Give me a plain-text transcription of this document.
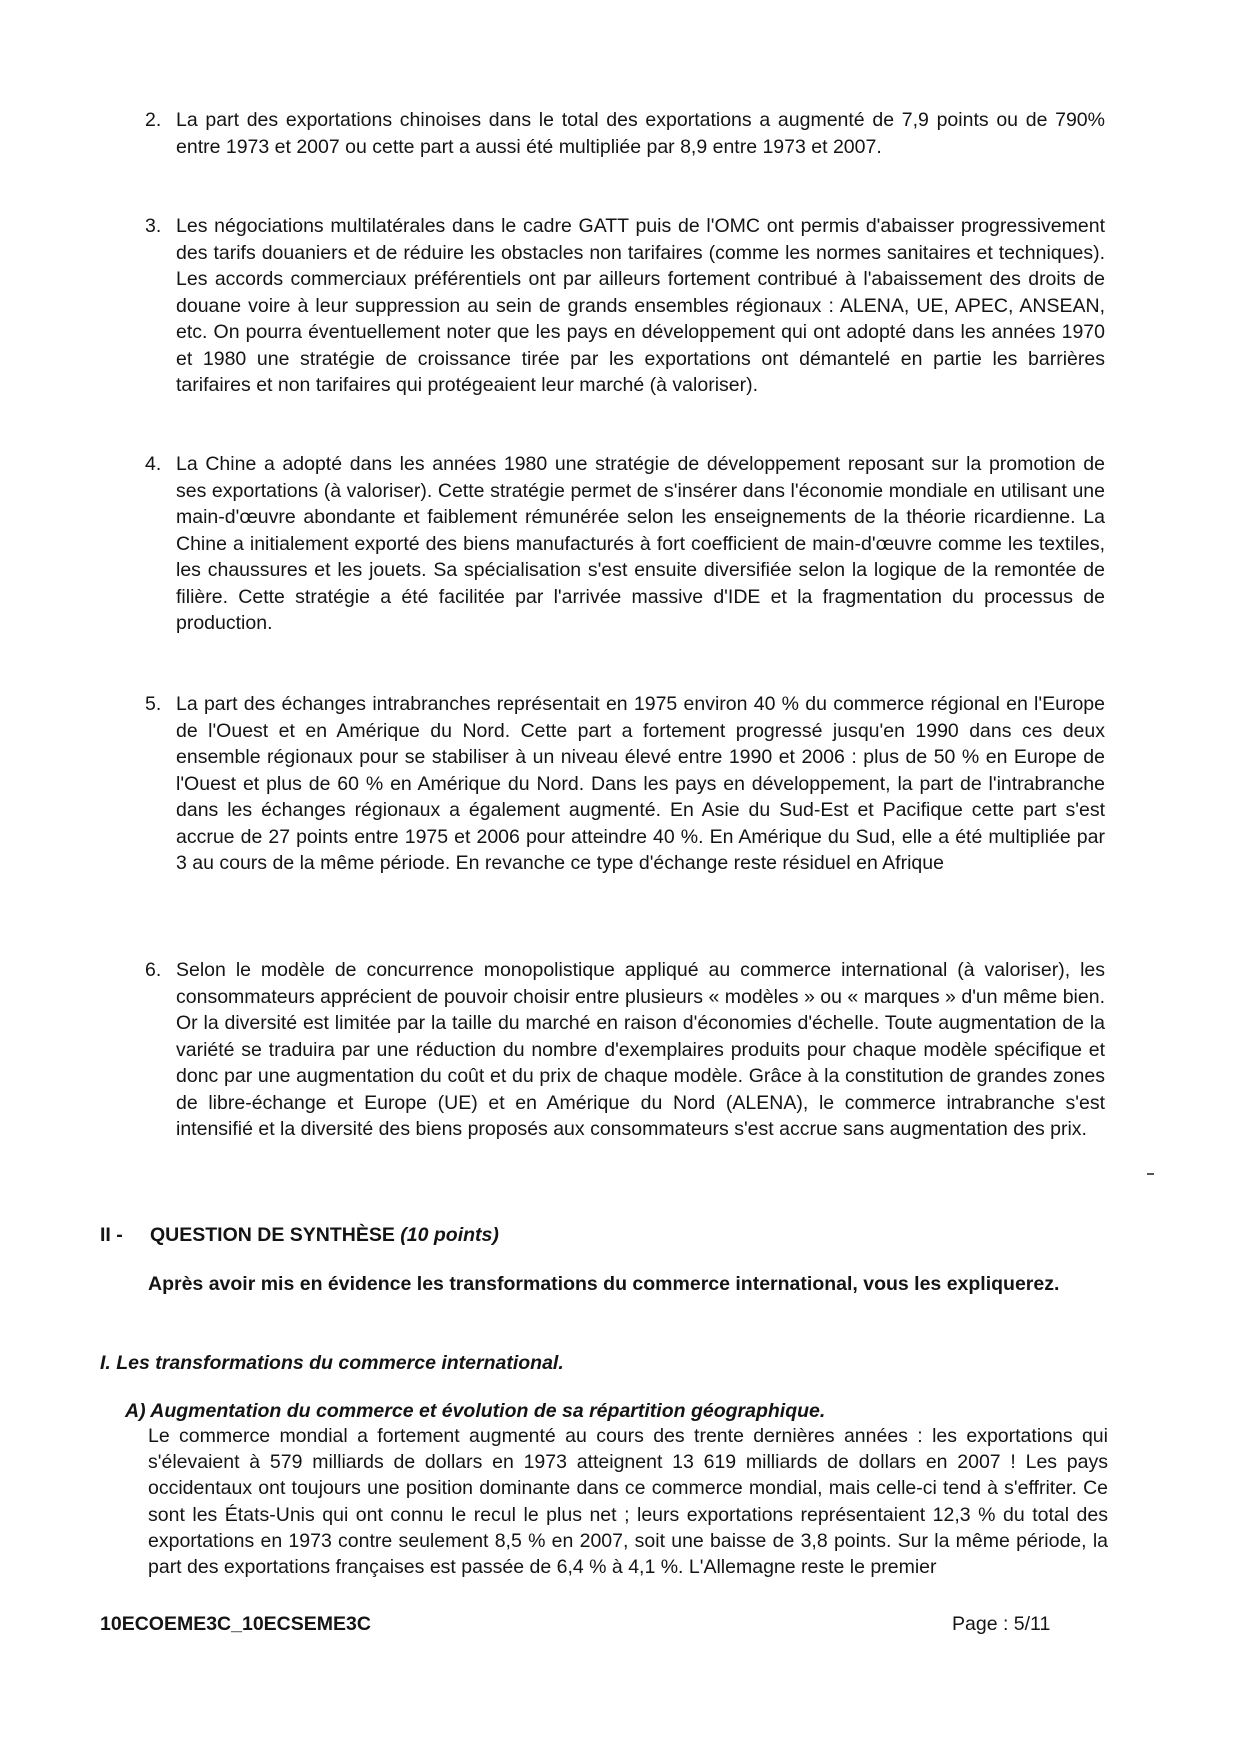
2. La part des exportations chinoises dans le total des exportations a augmenté de 7,9 points ou de 790% entre 1973 et 2007 ou cette part a aussi été multipliée par 8,9 entre 1973 et 2007.
3. Les négociations multilatérales dans le cadre GATT puis de l'OMC ont permis d'abaisser progressivement des tarifs douaniers et de réduire les obstacles non tarifaires (comme les normes sanitaires et techniques). Les accords commerciaux préférentiels ont par ailleurs fortement contribué à l'abaissement des droits de douane voire à leur suppression au sein de grands ensembles régionaux : ALENA, UE, APEC, ANSEAN, etc. On pourra éventuellement noter que les pays en développement qui ont adopté dans les années 1970 et 1980 une stratégie de croissance tirée par les exportations ont démantelé en partie les barrières tarifaires et non tarifaires qui protégeaient leur marché (à valoriser).
4. La Chine a adopté dans les années 1980 une stratégie de développement reposant sur la promotion de ses exportations (à valoriser). Cette stratégie permet de s'insérer dans l'économie mondiale en utilisant une main-d'œuvre abondante et faiblement rémunérée selon les enseignements de la théorie ricardienne. La Chine a initialement exporté des biens manufacturés à fort coefficient de main-d'œuvre comme les textiles, les chaussures et les jouets. Sa spécialisation s'est ensuite diversifiée selon la logique de la remontée de filière. Cette stratégie a été facilitée par l'arrivée massive d'IDE et la fragmentation du processus de production.
5. La part des échanges intrabranches représentait en 1975 environ 40 % du commerce régional en l'Europe de l'Ouest et en Amérique du Nord. Cette part a fortement progressé jusqu'en 1990 dans ces deux ensemble régionaux pour se stabiliser à un niveau élevé entre 1990 et 2006 : plus de 50 % en Europe de l'Ouest et plus de 60 % en Amérique du Nord. Dans les pays en développement, la part de l'intrabranche dans les échanges régionaux a également augmenté. En Asie du Sud-Est et Pacifique cette part s'est accrue de 27 points entre 1975 et 2006 pour atteindre 40 %. En Amérique du Sud, elle a été multipliée par 3 au cours de la même période. En revanche ce type d'échange reste résiduel en Afrique
6. Selon le modèle de concurrence monopolistique appliqué au commerce international (à valoriser), les consommateurs apprécient de pouvoir choisir entre plusieurs « modèles » ou « marques » d'un même bien. Or la diversité est limitée par la taille du marché en raison d'économies d'échelle. Toute augmentation de la variété se traduira par une réduction du nombre d'exemplaires produits pour chaque modèle spécifique et donc par une augmentation du coût et du prix de chaque modèle. Grâce à la constitution de grandes zones de libre-échange et Europe (UE) et en Amérique du Nord (ALENA), le commerce intrabranche s'est intensifié et la diversité des biens proposés aux consommateurs s'est accrue sans augmentation des prix.
II - QUESTION DE SYNTHÈSE (10 points)
Après avoir mis en évidence les transformations du commerce international, vous les expliquerez.
I. Les transformations du commerce international.
A) Augmentation du commerce et évolution de sa répartition géographique.
Le commerce mondial a fortement augmenté au cours des trente dernières années : les exportations qui s'élevaient à 579 milliards de dollars en 1973 atteignent 13 619 milliards de dollars en 2007 ! Les pays occidentaux ont toujours une position dominante dans ce commerce mondial, mais celle-ci tend à s'effriter. Ce sont les États-Unis qui ont connu le recul le plus net ; leurs exportations représentaient 12,3 % du total des exportations en 1973 contre seulement 8,5 % en 2007, soit une baisse de 3,8 points. Sur la même période, la part des exportations françaises est passée de 6,4 % à 4,1 %. L'Allemagne reste le premier
10ECOEME3C_10ECSEME3C	Page : 5/11
